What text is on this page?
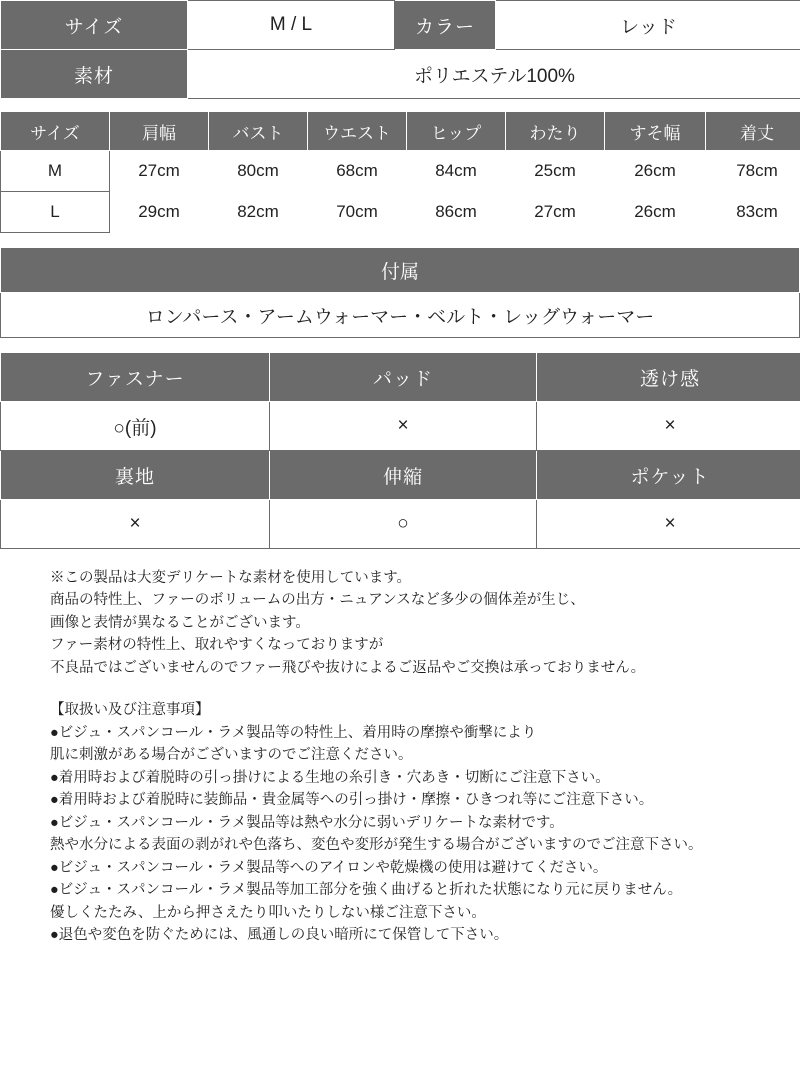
サイズ	M / L	カラー	レッド
素材	ポリエステル100%		
サイズ	肩幅	バスト	ウエスト	ヒップ	わたり	すそ幅	着丈
M	27cm	80cm	68cm	84cm	25cm	26cm	78cm
L	29cm	82cm	70cm	86cm	27cm	26cm	83cm
付属
ロンパース・アームウォーマー・ベルト・レッグウォーマー
ファスナー	パッド	透け感
○(前)	×	×
裏地	伸縮	ポケット
×	○	×

※この製品は大変デリケートな素材を使用しています。

商品の特性上、ファーのボリュームの出方・ニュアンスなど多少の個体差が生じ、

画像と表情が異なることがございます。

ファー素材の特性上、取れやすくなっておりますが

不良品ではございませんのでファー飛びや抜けによるご返品やご交換は承っておりません。

【取扱い及び注意事項】

●ビジュ・スパンコール・ラメ製品等の特性上、着用時の摩擦や衝撃により

肌に刺激がある場合がございますのでご注意ください。

●着用時および着脱時の引っ掛けによる生地の糸引き・穴あき・切断にご注意下さい。

●着用時および着脱時に装飾品・貴金属等への引っ掛け・摩擦・ひきつれ等にご注意下さい。

●ビジュ・スパンコール・ラメ製品等は熱や水分に弱いデリケートな素材です。

熱や水分による表面の剥がれや色落ち、変色や変形が発生する場合がございますのでご注意下さい。

●ビジュ・スパンコール・ラメ製品等へのアイロンや乾燥機の使用は避けてください。

●ビジュ・スパンコール・ラメ製品等加工部分を強く曲げると折れた状態になり元に戻りません。

優しくたたみ、上から押さえたり叩いたりしない様ご注意下さい。

●退色や変色を防ぐためには、風通しの良い暗所にて保管して下さい。
